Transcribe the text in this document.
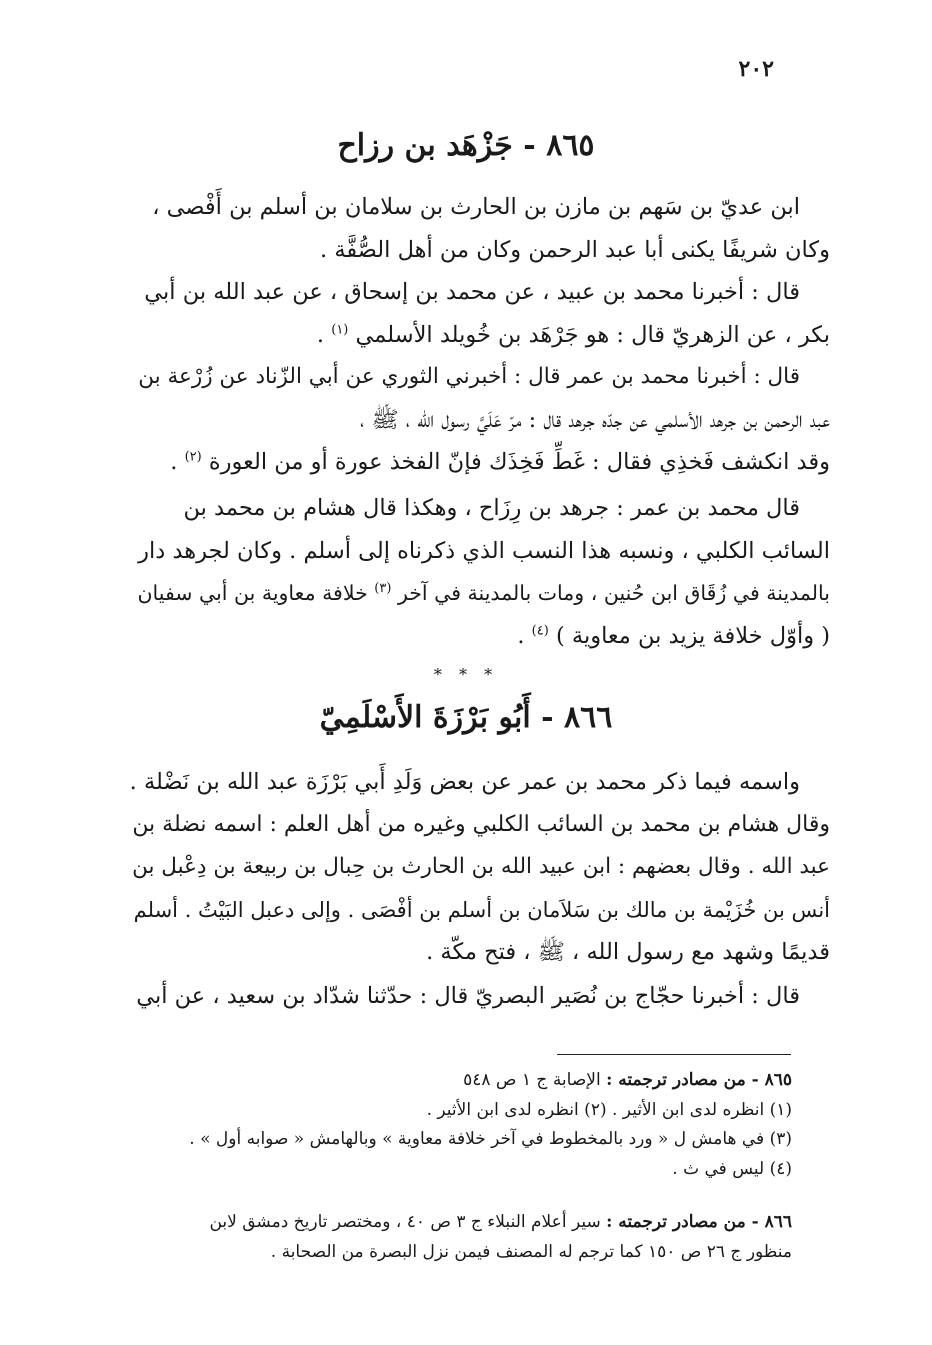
٢٠٢
٨٦٥ - جَزْهَد بن رزاح
ابن عديّ بن سَهم بن مازن بن الحارث بن سلامان بن أسلم بن أَفْصى ،
وكان شريفًا يكنى أبا عبد الرحمن وكان من أهل الصُّفَّة .
قال : أخبرنا محمد بن عبيد ، عن محمد بن إسحاق ، عن عبد الله بن أبي
بكر ، عن الزهريّ قال : هو جَرْهَد بن خُويلد الأسلمي $^{(١)}$ .
قال : أخبرنا محمد بن عمر قال : أخبرني الثوري عن أبي الزّناد عن زُرْعة بن
عبد الرحمن بن جرهد الأسلمي عن جدّه جرهد قال : مرّ عَلَيَّ رسول الله ، ﷺ ،
وقد انكشف فَخذِي فقال : غَطِّ فَخِذَك فإنّ الفخذ عورة أو من العورة $^{(٢)}$ .
قال محمد بن عمر : جرهد بن رِزَاح ، وهكذا قال هشام بن محمد بن
السائب الكلبي ، ونسبه هذا النسب الذي ذكرناه إلى أسلم . وكان لجرهد دار
بالمدينة في زُقَاق ابن حُنين ، ومات بالمدينة في آخر $^{(٣)}$ خلافة معاوية بن أبي سفيان
( وأوّل خلافة يزيد بن معاوية ) $^{(٤)}$ .
* * *
٨٦٦ - أَبُو بَرْزَةَ الأَسْلَمِيّ
واسمه فيما ذكر محمد بن عمر عن بعض وَلَدِ أَبي بَرْزَة عبد الله بن نَضْلة .
وقال هشام بن محمد بن السائب الكلبي وغيره من أهل العلم : اسمه نضلة بن
عبد الله . وقال بعضهم : ابن عبيد الله بن الحارث بن حِبال بن ربيعة بن دِعْبل بن
أنس بن خُزَيْمة بن مالك بن سَلاَمان بن أسلم بن أفْصَى . وإلى دعبل البَيْتُ . أسلم
قديمًا وشهد مع رسول الله ، ﷺ ، فتح مكّة .
قال : أخبرنا حجّاج بن نُصَير البصريّ قال : حدّثنا شدّاد بن سعيد ، عن أبي
٨٦٥ - من مصادر ترجمته : الإصابة ج ١ ص ٥٤٨
(١) انظره لدى ابن الأثير . (٢) انظره لدى ابن الأثير .
(٣) في هامش ل « ورد بالمخطوط في آخر خلافة معاوية » وبالهامش « صوابه أول » .
(٤) ليس في ث .
٨٦٦ - من مصادر ترجمته : سير أعلام النبلاء ج ٣ ص ٤٠ ، ومختصر تاريخ دمشق لابن
منظور ج ٢٦ ص ١٥٠ كما ترجم له المصنف فيمن نزل البصرة من الصحابة .
